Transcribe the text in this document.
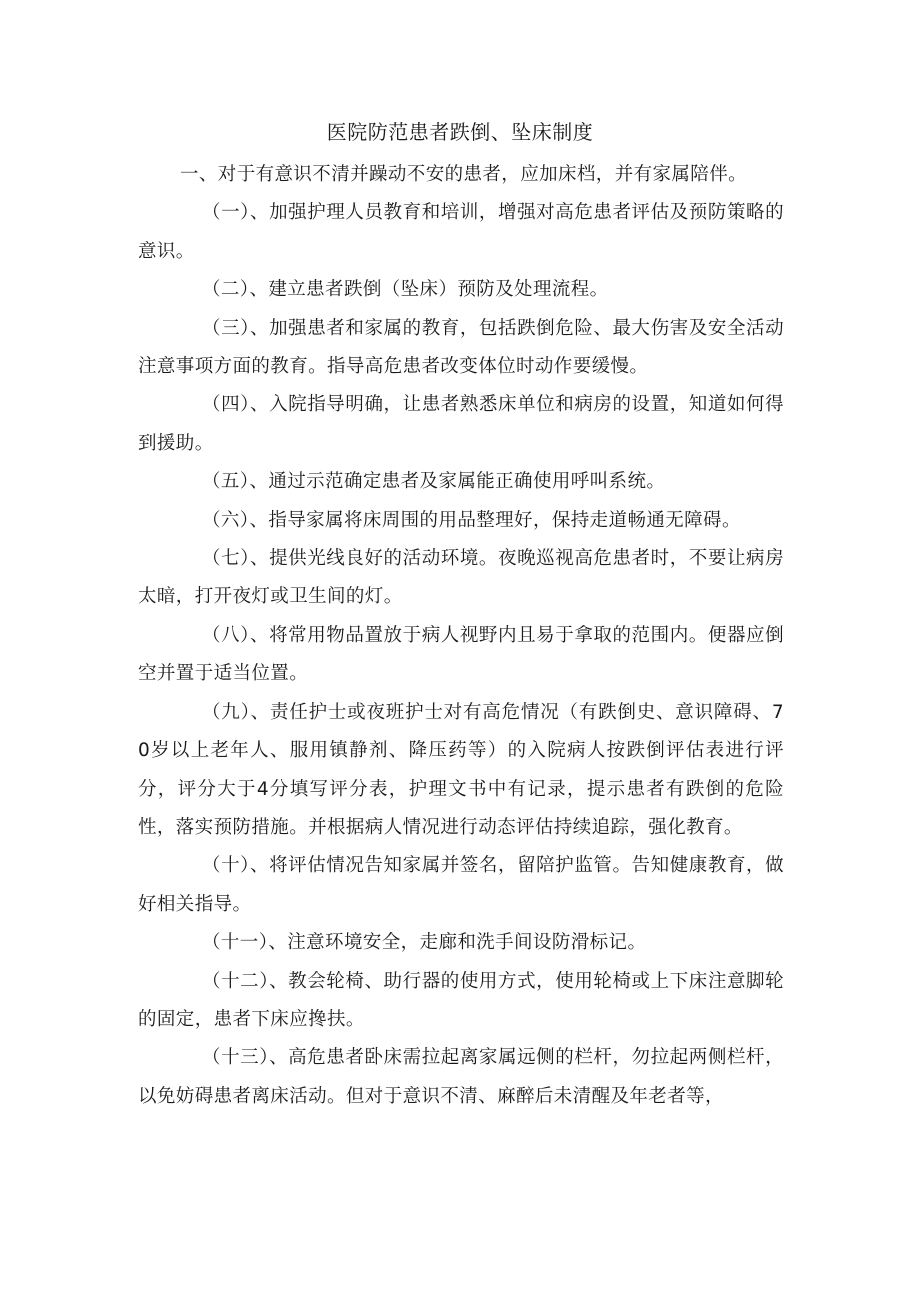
医院防范患者跌倒、坠床制度

一、对于有意识不清并躁动不安的患者，应加床档，并有家属陪伴。

（一）、加强护理人员教育和培训，增强对高危患者评估及预防策略的意识。

（二）、建立患者跌倒（坠床）预防及处理流程。

（三）、加强患者和家属的教育，包括跌倒危险、最大伤害及安全活动注意事项方面的教育。指导高危患者改变体位时动作要缓慢。

（四）、入院指导明确，让患者熟悉床单位和病房的设置，知道如何得到援助。

（五）、通过示范确定患者及家属能正确使用呼叫系统。

（六）、指导家属将床周围的用品整理好，保持走道畅通无障碍。

（七）、提供光线良好的活动环境。夜晚巡视高危患者时，不要让病房太暗，打开夜灯或卫生间的灯。

（八）、将常用物品置放于病人视野内且易于拿取的范围内。便器应倒空并置于适当位置。

（九）、责任护士或夜班护士对有高危情况（有跌倒史、意识障碍、70岁以上老年人、服用镇静剂、降压药等）的入院病人按跌倒评估表进行评分，评分大于4分填写评分表，护理文书中有记录，提示患者有跌倒的危险性，落实预防措施。并根据病人情况进行动态评估持续追踪，强化教育。

（十）、将评估情况告知家属并签名，留陪护监管。告知健康教育，做好相关指导。

（十一）、注意环境安全，走廊和洗手间设防滑标记。

（十二）、教会轮椅、助行器的使用方式，使用轮椅或上下床注意脚轮的固定，患者下床应搀扶。

（十三）、高危患者卧床需拉起离家属远侧的栏杆，勿拉起两侧栏杆，以免妨碍患者离床活动。但对于意识不清、麻醉后未清醒及年老者等，
